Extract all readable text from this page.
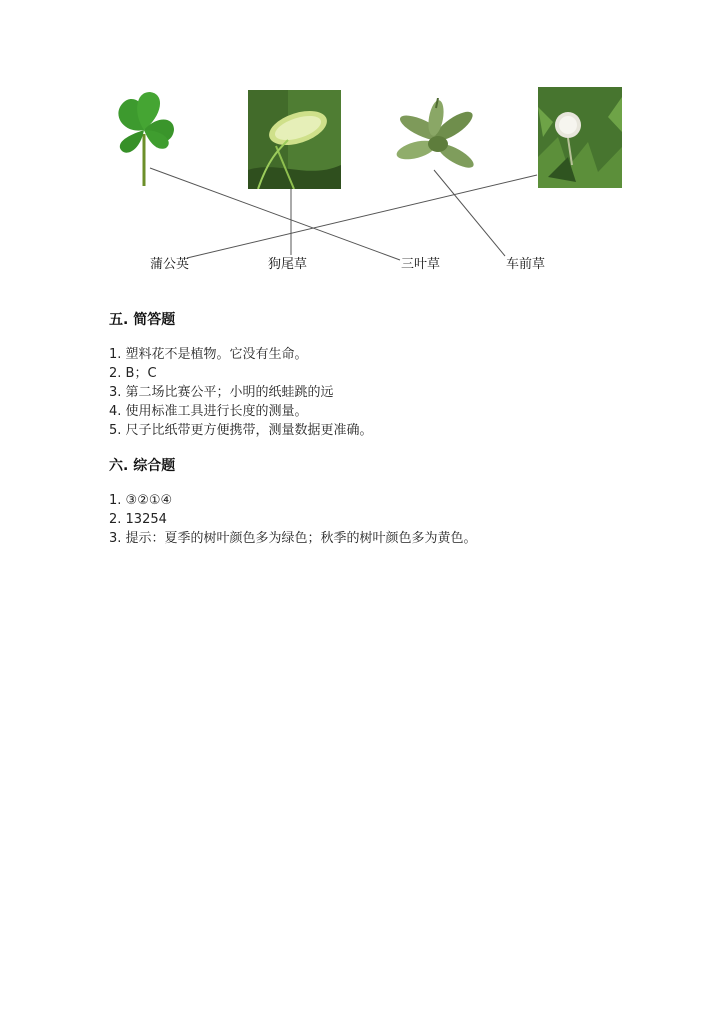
蒲公英	狗尾草	三叶草	车前草
五. 简答题
1. 塑料花不是植物。它没有生命。
2. B；C
3. 第二场比赛公平；小明的纸蛙跳的远
4. 使用标准工具进行长度的测量。
5. 尺子比纸带更方便携带，测量数据更准确。
六. 综合题
1. ③②①④
2. 13254
3. 提示：夏季的树叶颜色多为绿色；秋季的树叶颜色多为黄色。
